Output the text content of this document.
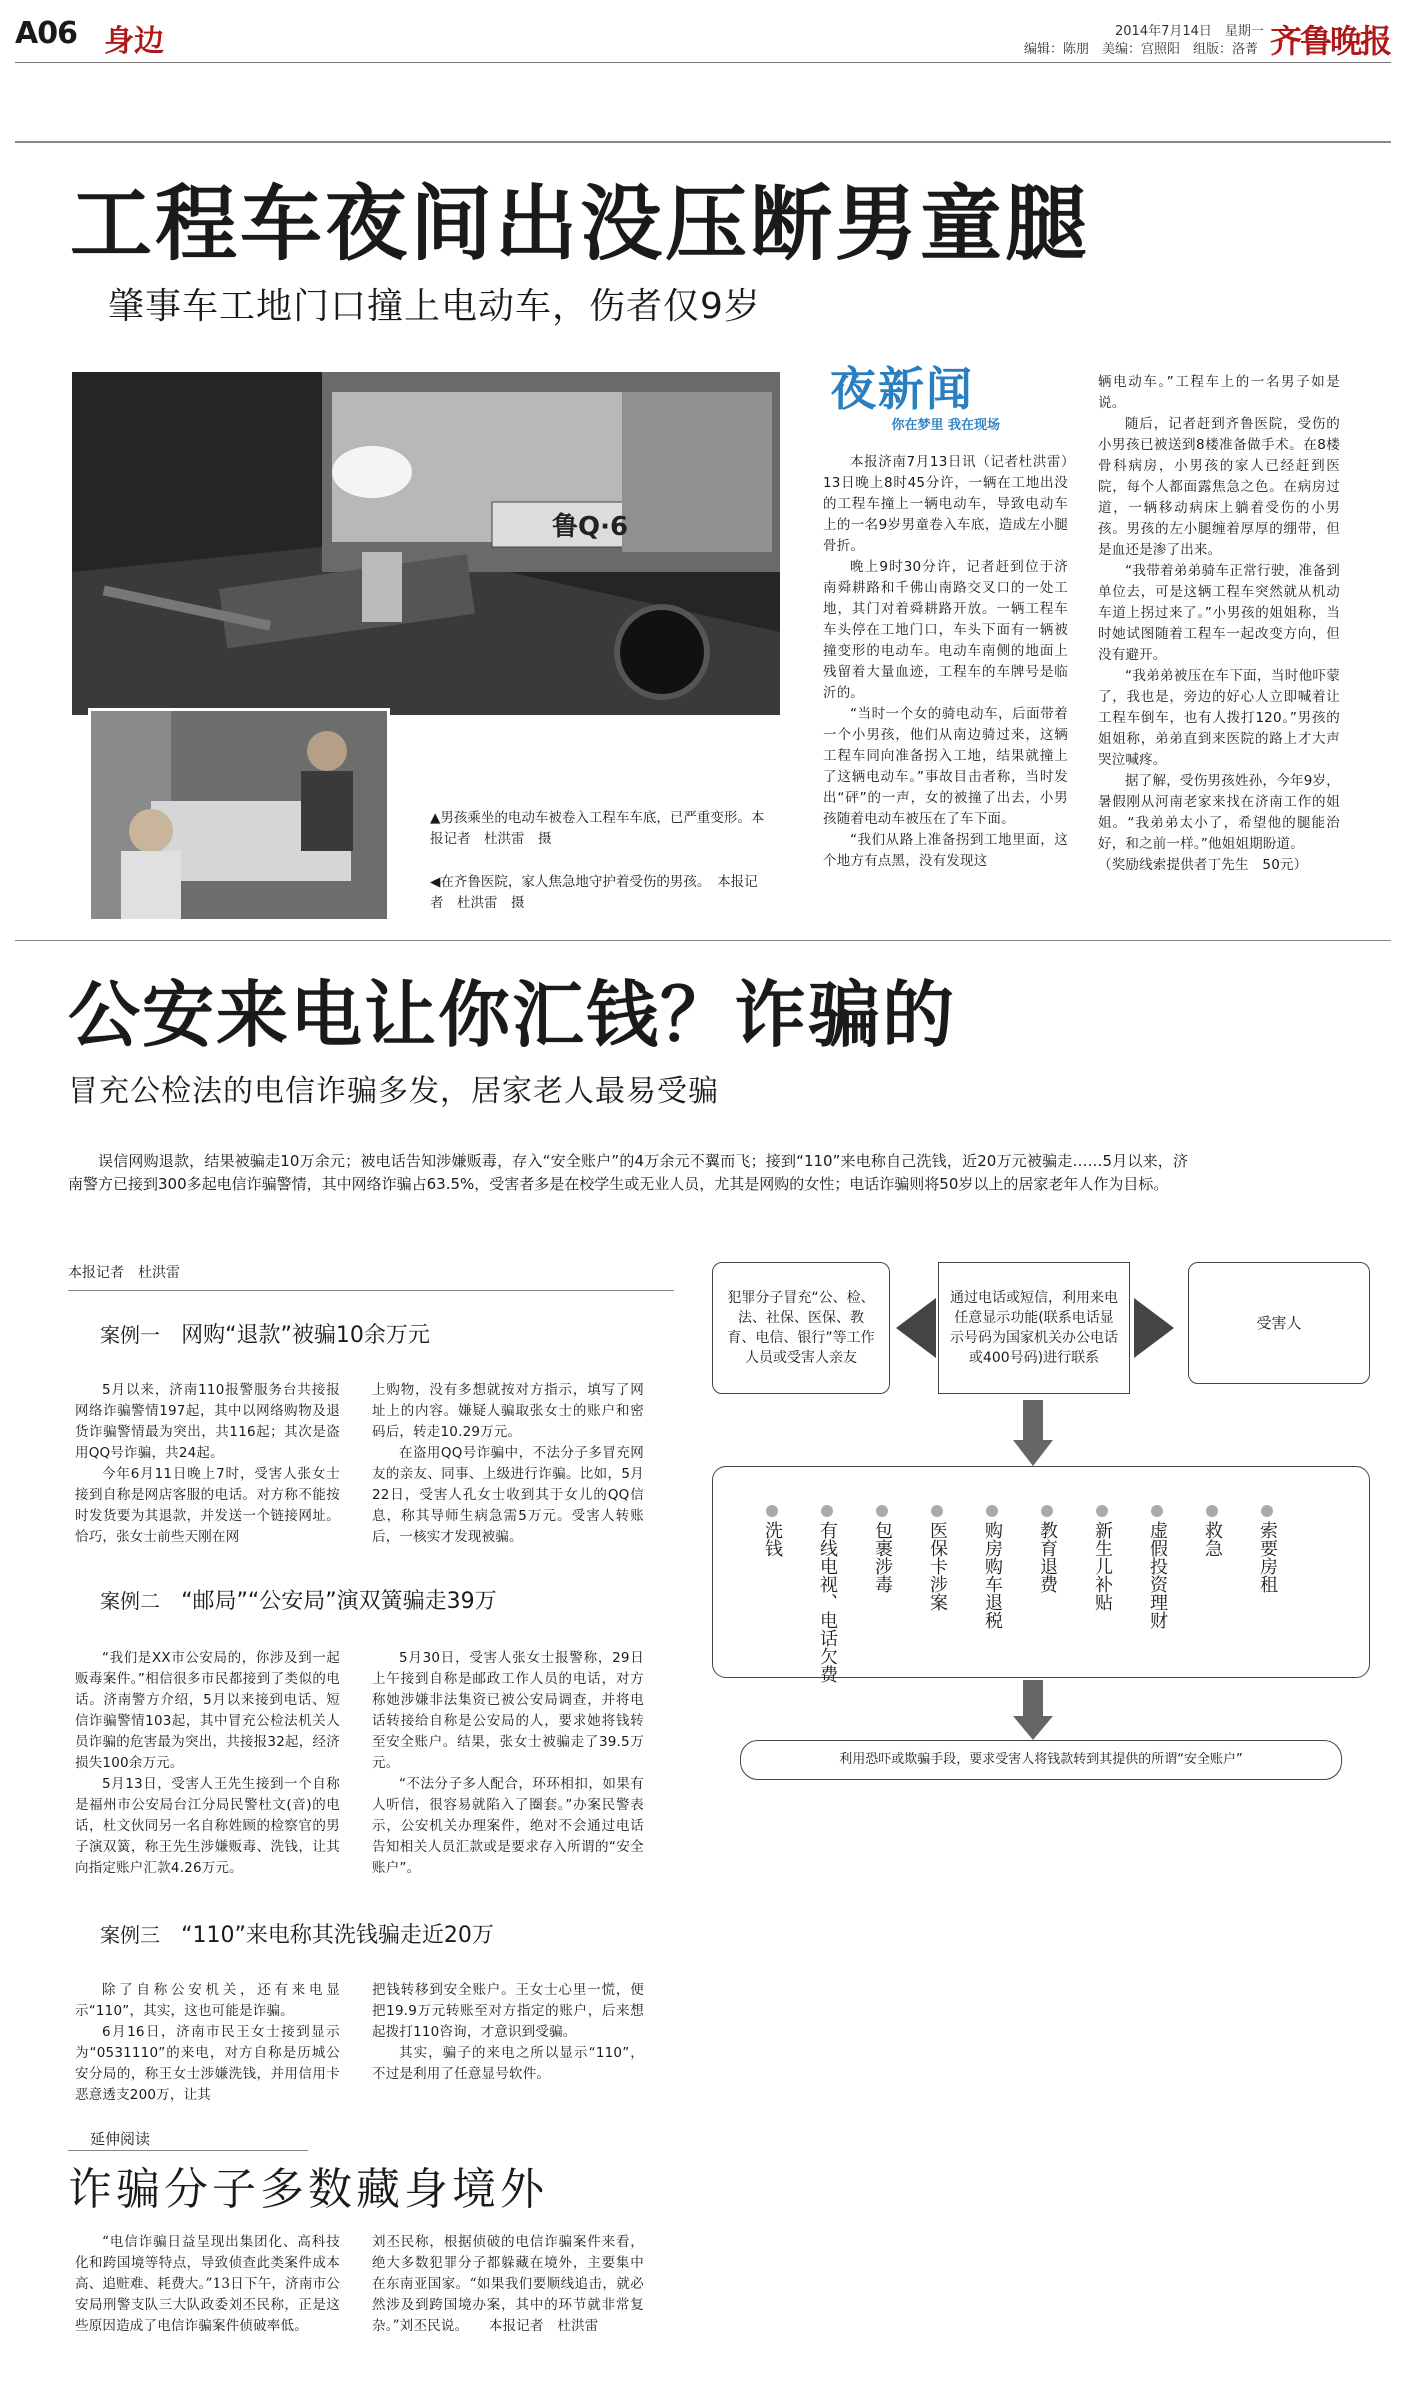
A06 身边	2014年7月14日　星期一
编辑：陈朋　美编：宫照阳　组版：洛菁 齐鲁晚报
工程车夜间出没压断男童腿
肇事车工地门口撞上电动车，伤者仅9岁
鲁Q·6
▲男孩乘坐的电动车被卷入工程车车底，已严重变形。本报记者　杜洪雷　摄
◀在齐鲁医院，家人焦急地守护着受伤的男孩。　本报记者　杜洪雷　摄
夜新闻
你在梦里 我在现场

本报济南7月13日讯（记者杜洪雷）　13日晚上8时45分许，一辆在工地出没的工程车撞上一辆电动车，导致电动车上的一名9岁男童卷入车底，造成左小腿骨折。

晚上9时30分许，记者赶到位于济南舜耕路和千佛山南路交叉口的一处工地，其门对着舜耕路开放。一辆工程车车头停在工地门口，车头下面有一辆被撞变形的电动车。电动车南侧的地面上残留着大量血迹，工程车的车牌号是临沂的。

“当时一个女的骑电动车，后面带着一个小男孩，他们从南边骑过来，这辆工程车同向准备拐入工地，结果就撞上了这辆电动车。”事故目击者称，当时发出“砰”的一声，女的被撞了出去，小男孩随着电动车被压在了车下面。

“我们从路上准备拐到工地里面，这个地方有点黑，没有发现这

辆电动车。”工程车上的一名男子如是说。

随后，记者赶到齐鲁医院，受伤的小男孩已被送到8楼准备做手术。在8楼骨科病房，小男孩的家人已经赶到医院，每个人都面露焦急之色。在病房过道，一辆移动病床上躺着受伤的小男孩。男孩的左小腿缠着厚厚的绷带，但是血还是渗了出来。

“我带着弟弟骑车正常行驶，准备到单位去，可是这辆工程车突然就从机动车道上拐过来了。”小男孩的姐姐称，当时她试图随着工程车一起改变方向，但没有避开。

“我弟弟被压在车下面，当时他吓蒙了，我也是，旁边的好心人立即喊着让工程车倒车，也有人拨打120。”男孩的姐姐称，弟弟直到来医院的路上才大声哭泣喊疼。

据了解，受伤男孩姓孙，今年9岁，暑假刚从河南老家来找在济南工作的姐姐。“我弟弟太小了，希望他的腿能治好，和之前一样。”他姐姐期盼道。

（奖励线索提供者丁先生　50元）

公安来电让你汇钱？诈骗的
冒充公检法的电信诈骗多发，居家老人最易受骗
误信网购退款，结果被骗走10万余元；被电话告知涉嫌贩毒，存入“安全账户”的4万余元不翼而飞；接到“110”来电称自己洗钱，近20万元被骗走……5月以来，济南警方已接到300多起电信诈骗警情，其中网络诈骗占63.5%，受害者多是在校学生或无业人员，尤其是网购的女性；电话诈骗则将50岁以上的居家老年人作为目标。
本报记者　杜洪雷
案例一 网购“退款”被骗10余万元

5月以来，济南110报警服务台共接报网络诈骗警情197起，其中以网络购物及退货诈骗警情最为突出，共116起；其次是盗用QQ号诈骗，共24起。

今年6月11日晚上7时，受害人张女士接到自称是网店客服的电话。对方称不能按时发货要为其退款，并发送一个链接网址。恰巧，张女士前些天刚在网

上购物，没有多想就按对方指示，填写了网址上的内容。嫌疑人骗取张女士的账户和密码后，转走10.29万元。

在盗用QQ号诈骗中，不法分子多冒充网友的亲友、同事、上级进行诈骗。比如，5月22日，受害人孔女士收到其于女儿的QQ信息，称其导师生病急需5万元。受害人转账后，一核实才发现被骗。

案例二 “邮局”“公安局”演双簧骗走39万

“我们是XX市公安局的，你涉及到一起贩毒案件。”相信很多市民都接到了类似的电话。济南警方介绍，5月以来接到电话、短信诈骗警情103起，其中冒充公检法机关人员诈骗的危害最为突出，共接报32起，经济损失100余万元。

5月13日，受害人王先生接到一个自称是福州市公安局台江分局民警杜文(音)的电话，杜文伙同另一名自称姓顾的检察官的男子演双簧，称王先生涉嫌贩毒、洗钱，让其向指定账户汇款4.26万元。

5月30日，受害人张女士报警称，29日上午接到自称是邮政工作人员的电话，对方称她涉嫌非法集资已被公安局调查，并将电话转接给自称是公安局的人，要求她将钱转至安全账户。结果，张女士被骗走了39.5万元。

“不法分子多人配合，环环相扣，如果有人听信，很容易就陷入了圈套。”办案民警表示，公安机关办理案件，绝对不会通过电话告知相关人员汇款或是要求存入所谓的“安全账户”。

案例三 “110”来电称其洗钱骗走近20万

除了自称公安机关，还有来电显示“110”，其实，这也可能是诈骗。

6月16日，济南市民王女士接到显示为“0531110”的来电，对方自称是历城公安分局的，称王女士涉嫌洗钱，并用信用卡恶意透支200万，让其

把钱转移到安全账户。王女士心里一慌，便把19.9万元转账至对方指定的账户，后来想起拨打110咨询，才意识到受骗。

其实，骗子的来电之所以显示“110”，不过是利用了任意显号软件。

犯罪分子冒充“公、检、法、社保、医保、教育、电信、银行”等工作人员或受害人亲友
通过电话或短信，利用来电任意显示功能(联系电话显示号码为国家机关办公电话或400号码)进行联系
受害人
利用恐吓或欺骗手段，要求受害人将钱款转到其提供的所谓“安全账户”
洗钱 有线电视、电话欠费 包裹涉毒 医保卡涉案 购房购车退税 教育退费 新生儿补贴 虚假投资理财 救急 索要房租
延伸阅读
诈骗分子多数藏身境外
“电信诈骗日益呈现出集团化、高科技化和跨国境等特点，导致侦查此类案件成本高、追赃难、耗费大。”13日下午，济南市公安局刑警支队三大队政委刘丕民称，正是这些原因造成了电信诈骗案件侦破率低。
刘丕民称，根据侦破的电信诈骗案件来看，绝大多数犯罪分子都躲藏在境外，主要集中在东南亚国家。“如果我们要顺线追击，就必然涉及到跨国境办案，其中的环节就非常复杂。”刘丕民说。　　本报记者　杜洪雷
